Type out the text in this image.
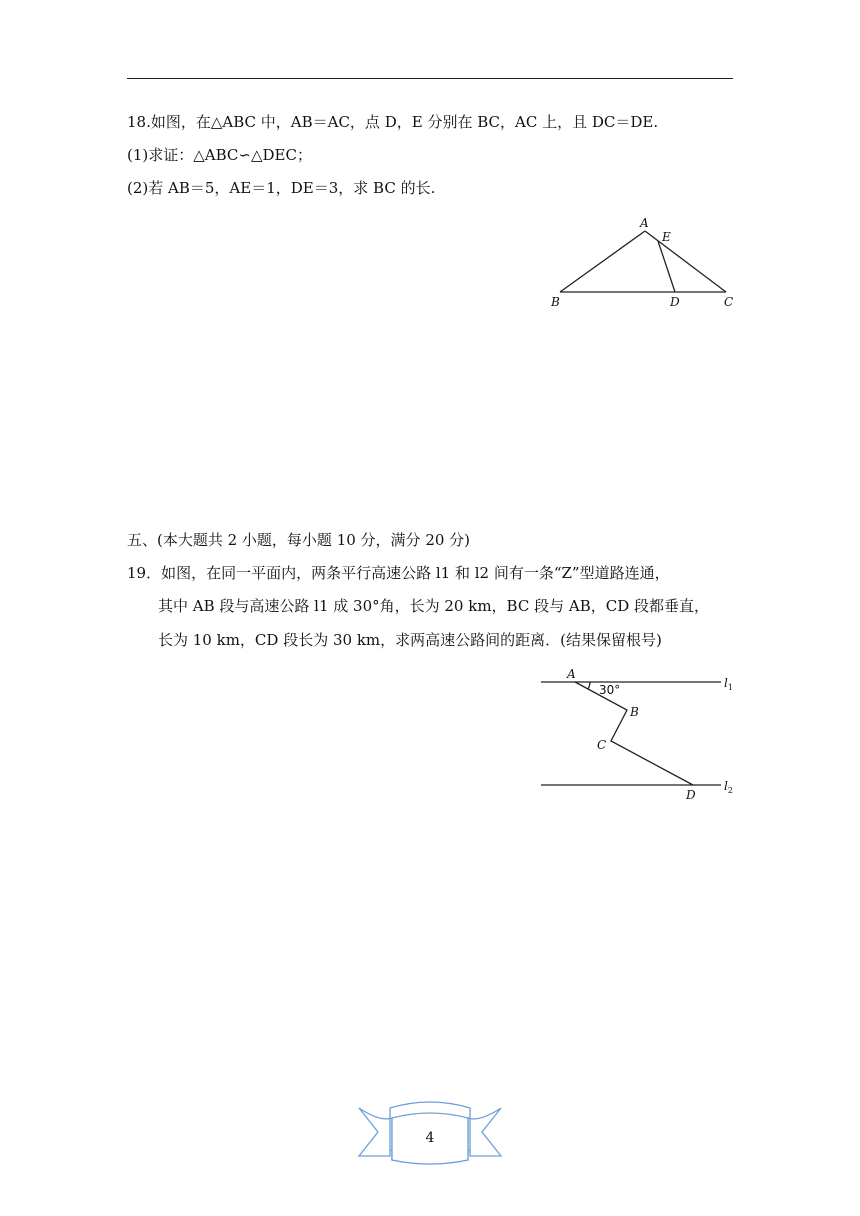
18.如图，在△ABC 中，AB＝AC，点 D，E 分别在 BC，AC 上，且 DC＝DE.
(1)求证：△ABC∽△DEC；
(2)若 AB＝5，AE＝1，DE＝3，求 BC 的长.
A
E
B	D	C
五、(本大题共 2 小题，每小题 10 分，满分 20 分)
19．如图，在同一平面内，两条平行高速公路 l1 和 l2 间有一条“Z”型道路连通，
其中 AB 段与高速公路 l1 成 30°角，长为 20 km，BC 段与 AB，CD 段都垂直，
长为 10 km，CD 段长为 30 km，求两高速公路间的距离．(结果保留根号)
A
B
C
D
$l_1$
$l_2$
30°
4
